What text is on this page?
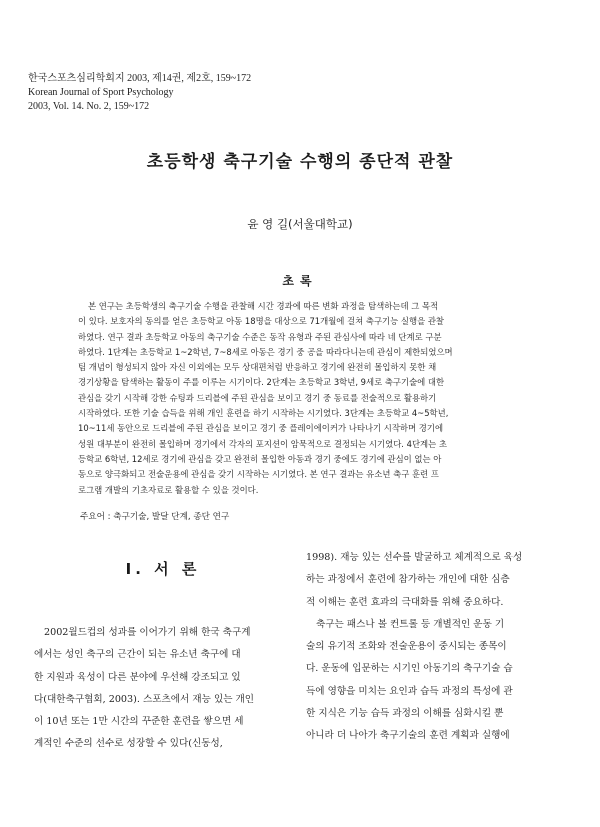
한국스포츠심리학회지 2003, 제14권, 제2호, 159~172
Korean Journal of Sport Psychology
2003, Vol. 14. No. 2, 159~172
초등학생 축구기술 수행의 종단적 관찰
윤 영 길(서울대학교)
초록
본 연구는 초등학생의 축구기술 수행을 관찰해 시간 경과에 따른 변화 과정을 탐색하는데 그 목적
이 있다. 보호자의 동의를 얻은 초등학교 아동 18명을 대상으로 71개월에 걸쳐 축구기능 실행을 관찰
하였다. 연구 결과 초등학교 아동의 축구기술 수준은 동작 유형과 주된 관심사에 따라 네 단계로 구분
하였다. 1단계는 초등학교 1~2학년, 7~8세로 아동은 경기 중 공을 따라다니는데 관심이 제한되었으며
팀 개념이 형성되지 않아 자신 이외에는 모두 상대편처럼 반응하고 경기에 완전히 몰입하지 못한 채
경기상황을 탐색하는 활동이 주를 이루는 시기이다. 2단계는 초등학교 3학년, 9세로 축구기술에 대한
관심을 갖기 시작해 강한 슈팅과 드리블에 주된 관심을 보이고 경기 중 동료를 전술적으로 활용하기
시작하였다. 또한 기술 습득을 위해 개인 훈련을 하기 시작하는 시기였다. 3단계는 초등학교 4~5학년,
10~11세 동안으로 드리블에 주된 관심을 보이고 경기 중 플레이에이커가 나타나기 시작하며 경기에
성원 대부분이 완전히 몰입하며 경기에서 각자의 포지션이 암묵적으로 결정되는 시기였다. 4단계는 초
등학교 6학년, 12세로 경기에 관심을 갖고 완전히 몰입한 아동과 경기 중에도 경기에 관심이 없는 아
동으로 양극화되고 전술운용에 관심을 갖기 시작하는 시기였다. 본 연구 결과는 유소년 축구 훈련 프
로그램 개발의 기초자료로 활용할 수 있을 것이다.
주요어 : 축구기술, 발달 단계, 종단 연구
Ⅰ. 서 론
2002월드컵의 성과를 이어가기 위해 한국 축구계
에서는 성인 축구의 근간이 되는 유소년 축구에 대
한 지원과 육성이 다른 분야에 우선해 강조되고 있
다(대한축구협회, 2003). 스포츠에서 재능 있는 개인
이 10년 또는 1만 시간의 꾸준한 훈련을 쌓으면 세
계적인 수준의 선수로 성장할 수 있다(신동성,
1998). 재능 있는 선수를 발굴하고 체계적으로 육성
하는 과정에서 훈련에 참가하는 개인에 대한 심층
적 이해는 훈련 효과의 극대화를 위해 중요하다.
축구는 패스나 볼 컨트롤 등 개별적인 운동 기
술의 유기적 조화와 전술운용이 중시되는 종목이
다. 운동에 입문하는 시기인 아동기의 축구기술 습
득에 영향을 미치는 요인과 습득 과정의 특성에 관
한 지식은 기능 습득 과정의 이해를 심화시킬 뿐
아니라 더 나아가 축구기술의 훈련 계획과 실행에
